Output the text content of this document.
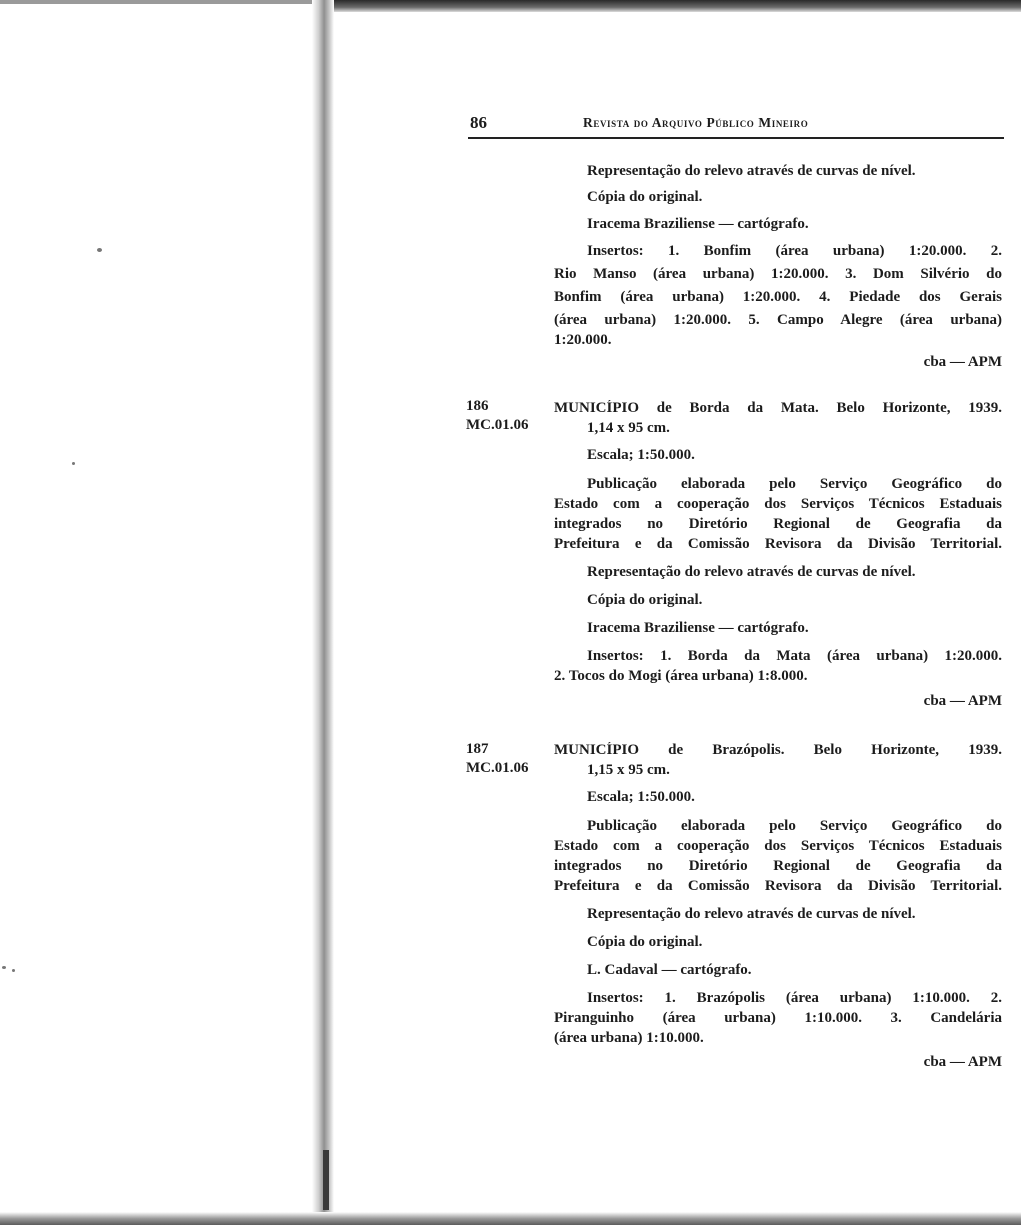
86	Revista do Arquivo Público Mineiro
Representação do relevo através de curvas de nível.
Cópia do original.
Iracema Braziliense — cartógrafo.
Insertos: 1. Bonfim (área urbana) 1:20.000. 2.
Rio Manso (área urbana) 1:20.000. 3. Dom Silvério do
Bonfim (área urbana) 1:20.000. 4. Piedade dos Gerais
(área urbana) 1:20.000. 5. Campo Alegre (área urbana)
1:20.000.
cba — APM
186
MC.01.06
MUNICÍPIO de Borda da Mata. Belo Horizonte, 1939.
1,14 x 95 cm.
Escala; 1:50.000.
Publicação elaborada pelo Serviço Geográfico do
Estado com a cooperação dos Serviços Técnicos Estaduais
integrados no Diretório Regional de Geografia da
Prefeitura e da Comissão Revisora da Divisão Territorial.
Representação do relevo através de curvas de nível.
Cópia do original.
Iracema Braziliense — cartógrafo.
Insertos: 1. Borda da Mata (área urbana) 1:20.000.
2. Tocos do Mogi (área urbana) 1:8.000.
cba — APM
187
MC.01.06
MUNICÍPIO de Brazópolis. Belo Horizonte, 1939.
1,15 x 95 cm.
Escala; 1:50.000.
Publicação elaborada pelo Serviço Geográfico do
Estado com a cooperação dos Serviços Técnicos Estaduais
integrados no Diretório Regional de Geografia da
Prefeitura e da Comissão Revisora da Divisão Territorial.
Representação do relevo através de curvas de nível.
Cópia do original.
L. Cadaval — cartógrafo.
Insertos: 1. Brazópolis (área urbana) 1:10.000. 2.
Piranguinho (área urbana) 1:10.000. 3. Candelária
(área urbana) 1:10.000.
cba — APM
